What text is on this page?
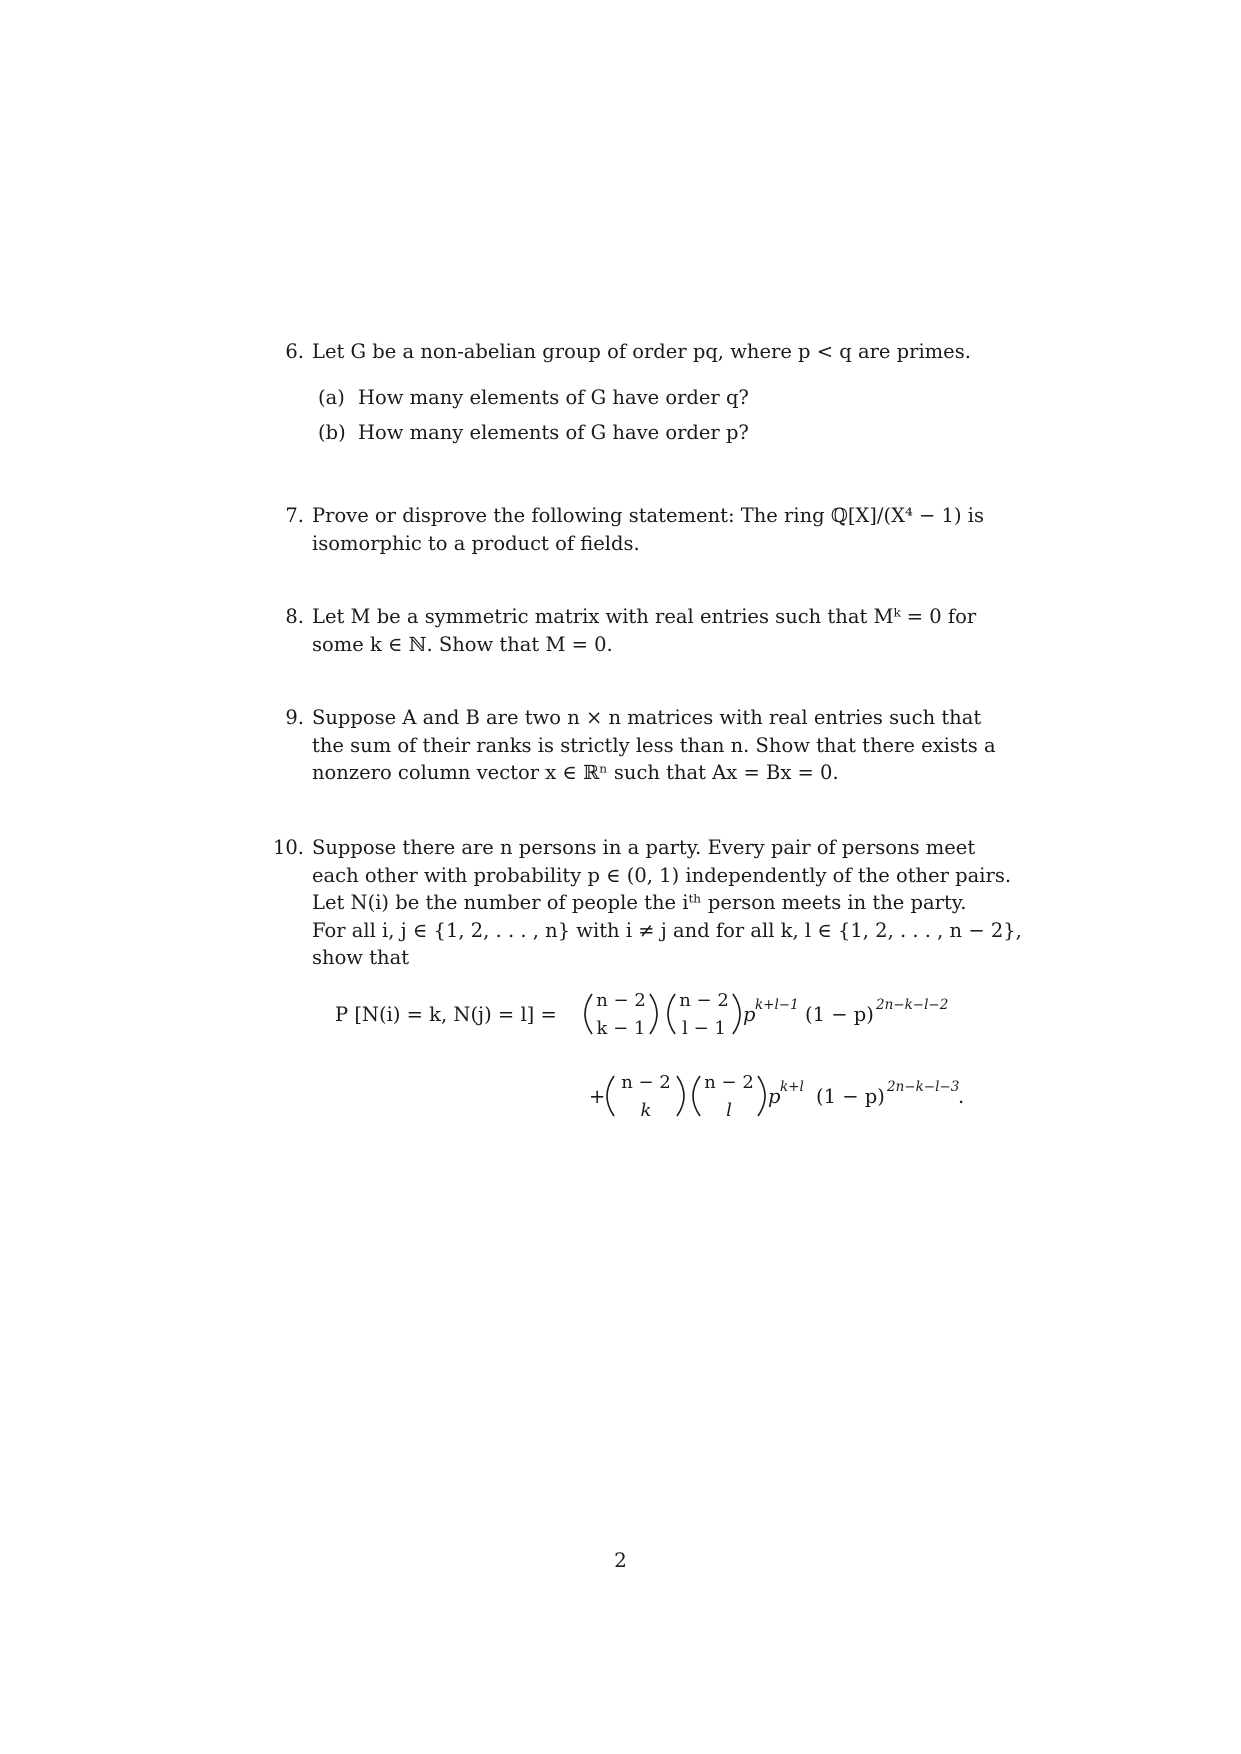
6. Let G be a non-abelian group of order pq, where p < q are primes.
(a) How many elements of G have order q?
(b) How many elements of G have order p?
7. Prove or disprove the following statement: The ring ℚ[X]/(X⁴ − 1) is
isomorphic to a product of fields.
8. Let M be a symmetric matrix with real entries such that Mᵏ = 0 for
some k ∈ ℕ. Show that M = 0.
9. Suppose A and B are two n × n matrices with real entries such that
the sum of their ranks is strictly less than n. Show that there exists a
nonzero column vector x ∈ ℝⁿ such that Ax = Bx = 0.
10. Suppose there are n persons in a party. Every pair of persons meet
each other with probability p ∈ (0, 1) independently of the other pairs.
Let N(i) be the number of people the iᵗʰ person meets in the party.
For all i, j ∈ {1, 2, . . . , n} with i ≠ j and for all k, l ∈ {1, 2, . . . , n − 2},
show that
P [N(i) = k, N(j) = l] =
n − 2
k − 1
n − 2
l − 1
p k+l−1 (1 − p) 2n−k−l−2
+
n − 2
k
n − 2
l
p k+l (1 − p) 2n−k−l−3
.
2
